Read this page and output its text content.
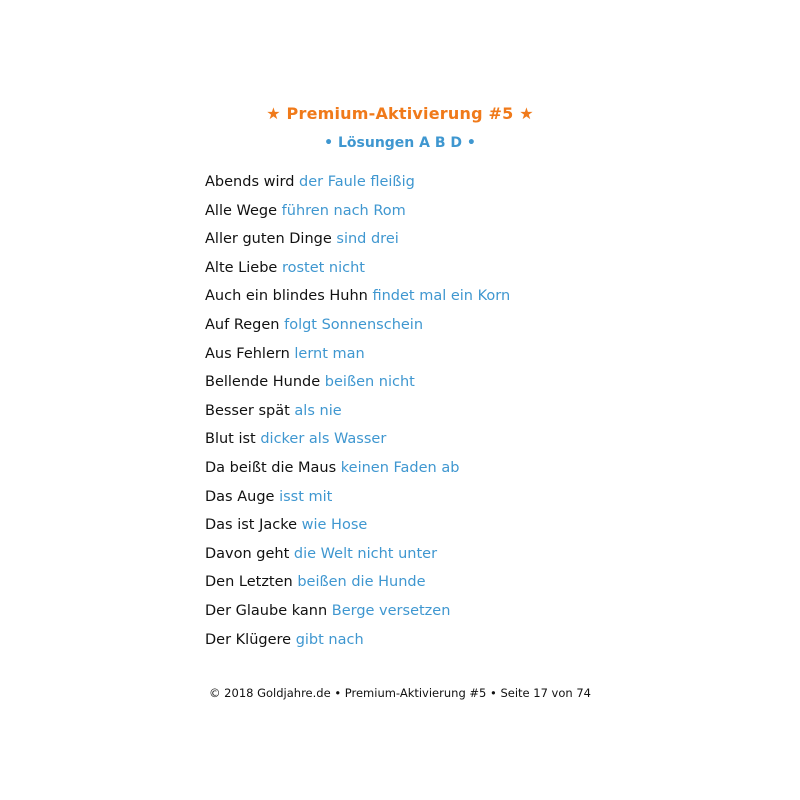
★ Premium-Aktivierung #5 ★
• Lösungen A B D •
Abends wird der Faule fleißig
Alle Wege führen nach Rom
Aller guten Dinge sind drei
Alte Liebe rostet nicht
Auch ein blindes Huhn findet mal ein Korn
Auf Regen folgt Sonnenschein
Aus Fehlern lernt man
Bellende Hunde beißen nicht
Besser spät als nie
Blut ist dicker als Wasser
Da beißt die Maus keinen Faden ab
Das Auge isst mit
Das ist Jacke wie Hose
Davon geht die Welt nicht unter
Den Letzten beißen die Hunde
Der Glaube kann Berge versetzen
Der Klügere gibt nach
© 2018 Goldjahre.de • Premium-Aktivierung #5 • Seite 17 von 74
